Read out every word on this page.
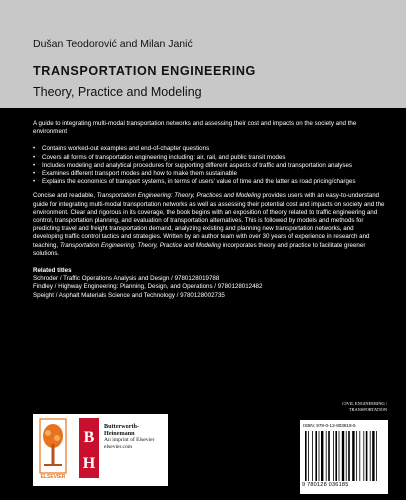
Dušan Teodorović and Milan Janić
TRANSPORTATION ENGINEERING
Theory, Practice and Modeling

A guide to integrating multi-modal transportation networks and assessing their cost and impacts on the society and the environment

• Contains worked-out examples and end-of-chapter questions
• Covers all forms of transportation engineering including: air, rail, and public transit modes
• Includes modeling and analytical procedures for supporting different aspects of traffic and transportation analyses
• Examines different transport modes and how to make them sustainable
• Explains the economics of transport systems, in terms of users' value of time and the latter as road pricing/charges

Concise and readable, Transportation Engineering: Theory, Practices and Modeling provides users with an easy-to-understand guide for integrating multi-modal transportation networks as well as assessing their potential cost and impacts on society and the environment. Clear and rigorous in its coverage, the book begins with an exposition of theory related to traffic engineering and control, transportation planning, and evaluation of transportation alternatives. This is followed by models and methods for predicting travel and freight transportation demand, analyzing existing and planning new transportation networks, and developing traffic control tactics and strategies. Written by an author team with over 30 years of experience in research and teaching, Transportation Engineering: Theory, Practice and Modeling incorporates theory and practice to facilitate greener solutions.

Related titles

Schroder / Traffic Operations Analysis and Design / 9780128019788

Findley / Highway Engineering: Planning, Design, and Operations / 9780128012482

Speight / Asphalt Materials Science and Technology / 9780128002735

CIVIL ENGINEERING /
TRANSPORTATION
ELSEVIER
B
H
Butterworth-Heinemann
An imprint of Elsevier
elsevier.com
ISBN: 978-0-12-803818-5
9 780128 036185
